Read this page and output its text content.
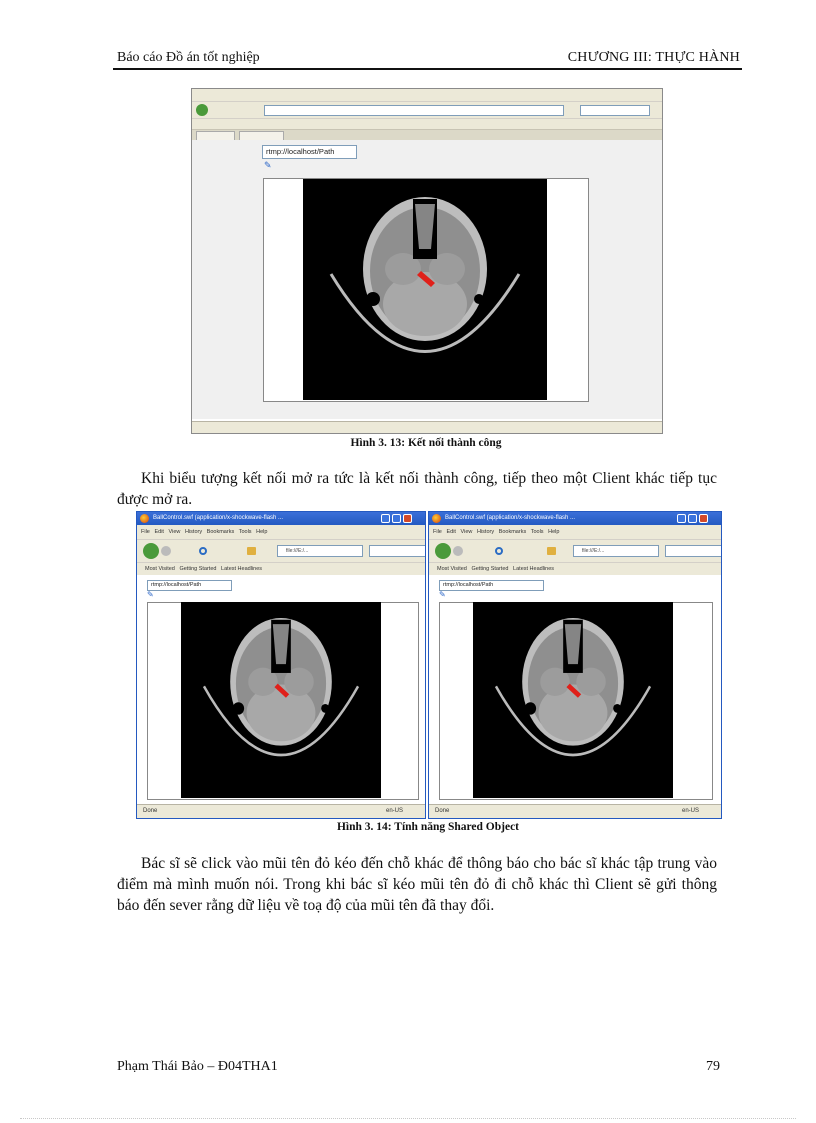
Báo cáo Đồ án tốt nghiệp	CHƯƠNG III: THỰC HÀNH

rtmp://localhost/Path
✎
Hình 3. 13: Kết nối thành công
Khi biểu tượng kết nối mở ra tức là kết nối thành công, tiếp theo một Client khác tiếp tục được mở ra.
BallControl.swf (application/x-shockwave-flash ...
File Edit View History Bookmarks Tools Help
file:///E:/...
Most Visited Getting Started Latest Headlines
rtmp://localhost/Path
✎
Done	en-US
BallControl.swf (application/x-shockwave-flash ...
File Edit View History Bookmarks Tools Help
file:///E:/...
Most Visited Getting Started Latest Headlines
rtmp://localhost/Path
✎
Done	en-US
Hình 3. 14: Tính năng Shared Object
Bác sĩ sẽ click vào mũi tên đỏ kéo đến chỗ khác để thông báo cho bác sĩ khác tập trung vào điểm mà mình muốn nói. Trong khi bác sĩ kéo mũi tên đỏ đi chỗ khác thì Client sẽ gửi thông báo đến sever rằng dữ liệu về toạ độ của mũi tên đã thay đổi.
Phạm Thái Bảo – Đ04THA1	79
